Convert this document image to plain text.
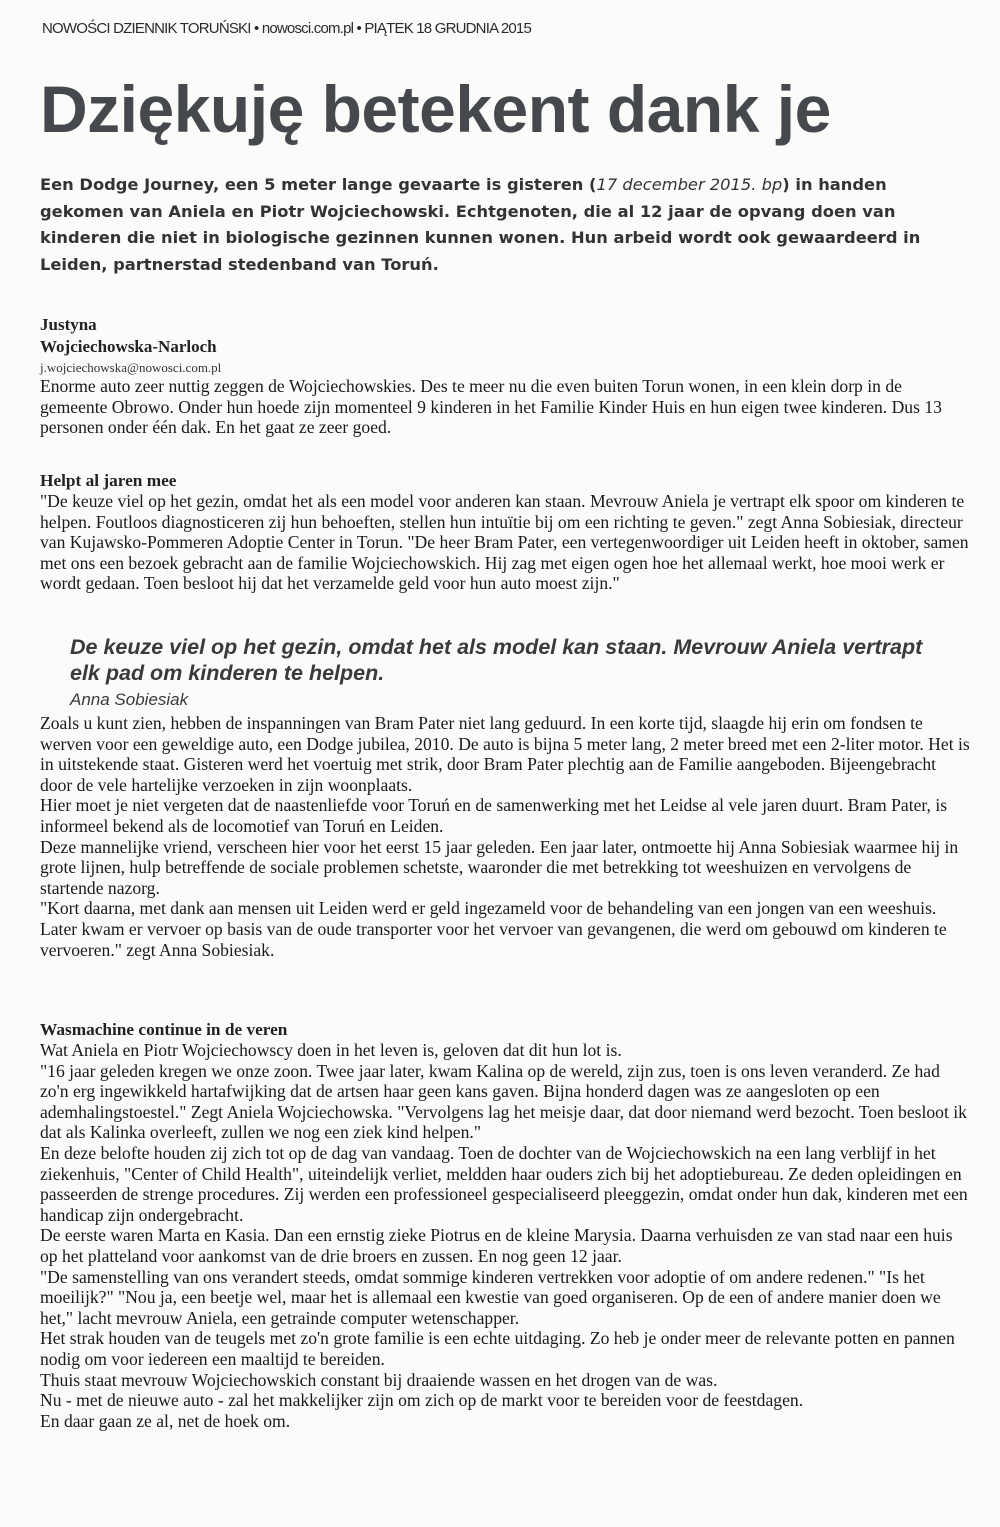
NOWOŚCI DZIENNIK TORUŃSKI • nowosci.com.pl • PIĄTEK 18 GRUDNIA 2015
Dziękuję betekent dank je
Een Dodge Journey, een 5 meter lange gevaarte is gisteren (17 december 2015. bp) in handen gekomen van Aniela en Piotr Wojciechowski. Echtgenoten, die al 12 jaar de opvang doen van kinderen die niet in biologische gezinnen kunnen wonen. Hun arbeid wordt ook gewaardeerd in Leiden, partnerstad stedenband van Toruń.
Justyna
Wojciechowska-Narloch
j.wojciechowska@nowosci.com.pl

Enorme auto zeer nuttig zeggen de Wojciechowskies. Des te meer nu die even buiten Torun wonen, in een klein dorp in de gemeente Obrowo. Onder hun hoede zijn momenteel 9 kinderen in het Familie Kinder Huis en hun eigen twee kinderen. Dus 13 personen onder één dak. En het gaat ze zeer goed.

Helpt al jaren mee

"De keuze viel op het gezin, omdat het als een model voor anderen kan staan. Mevrouw Aniela je vertrapt elk spoor om kinderen te helpen. Foutloos diagnosticeren zij hun behoeften, stellen hun intuïtie bij om een richting te geven." zegt Anna Sobiesiak, directeur van Kujawsko-Pommeren Adoptie Center in Torun. "De heer Bram Pater, een vertegenwoordiger uit Leiden heeft in oktober, samen met ons een bezoek gebracht aan de familie Wojciechowskich. Hij zag met eigen ogen hoe het allemaal werkt, hoe mooi werk er wordt gedaan. Toen besloot hij dat het verzamelde geld voor hun auto moest zijn."

De keuze viel op het gezin, omdat het als model kan staan. Mevrouw Aniela vertrapt elk pad om kinderen te helpen.
Anna Sobiesiak

Zoals u kunt zien, hebben de inspanningen van Bram Pater niet lang geduurd. In een korte tijd, slaagde hij erin om fondsen te werven voor een geweldige auto, een Dodge jubilea, 2010. De auto is bijna 5 meter lang, 2 meter breed met een 2-liter motor. Het is in uitstekende staat. Gisteren werd het voertuig met strik, door Bram Pater plechtig aan de Familie aangeboden. Bijeengebracht door de vele hartelijke verzoeken in zijn woonplaats.

Hier moet je niet vergeten dat de naastenliefde voor Toruń en de samenwerking met het Leidse al vele jaren duurt. Bram Pater, is informeel bekend als de locomotief van Toruń en Leiden.

Deze mannelijke vriend, verscheen hier voor het eerst 15 jaar geleden. Een jaar later, ontmoette hij Anna Sobiesiak waarmee hij in grote lijnen, hulp betreffende de sociale problemen schetste, waaronder die met betrekking tot weeshuizen en vervolgens de startende nazorg.

"Kort daarna, met dank aan mensen uit Leiden werd er geld ingezameld voor de behandeling van een jongen van een weeshuis. Later kwam er vervoer op basis van de oude transporter voor het vervoer van gevangenen, die werd om gebouwd om kinderen te vervoeren." zegt Anna Sobiesiak.

Wasmachine continue in de veren

Wat Aniela en Piotr Wojciechowscy doen in het leven is, geloven dat dit hun lot is.

"16 jaar geleden kregen we onze zoon. Twee jaar later, kwam Kalina op de wereld, zijn zus, toen is ons leven veranderd. Ze had zo'n erg ingewikkeld hartafwijking dat de artsen haar geen kans gaven. Bijna honderd dagen was ze aangesloten op een ademhalingstoestel." Zegt Aniela Wojciechowska. "Vervolgens lag het meisje daar, dat door niemand werd bezocht. Toen besloot ik dat als Kalinka overleeft, zullen we nog een ziek kind helpen."

En deze belofte houden zij zich tot op de dag van vandaag. Toen de dochter van de Wojciechowskich na een lang verblijf in het ziekenhuis, "Center of Child Health", uiteindelijk verliet, meldden haar ouders zich bij het adoptiebureau. Ze deden opleidingen en passeerden de strenge procedures. Zij werden een professioneel gespecialiseerd pleeggezin, omdat onder hun dak, kinderen met een handicap zijn ondergebracht.

De eerste waren Marta en Kasia. Dan een ernstig zieke Piotrus en de kleine Marysia. Daarna verhuisden ze van stad naar een huis op het platteland voor aankomst van de drie broers en zussen. En nog geen 12 jaar.

"De samenstelling van ons verandert steeds, omdat sommige kinderen vertrekken voor adoptie of om andere redenen." "Is het moeilijk?" "Nou ja, een beetje wel, maar het is allemaal een kwestie van goed organiseren. Op de een of andere manier doen we het," lacht mevrouw Aniela, een getrainde computer wetenschapper.

Het strak houden van de teugels met zo'n grote familie is een echte uitdaging. Zo heb je onder meer de relevante potten en pannen nodig om voor iedereen een maaltijd te bereiden.

Thuis staat mevrouw Wojciechowskich constant bij draaiende wassen en het drogen van de was.

Nu - met de nieuwe auto - zal het makkelijker zijn om zich op de markt voor te bereiden voor de feestdagen.

En daar gaan ze al, net de hoek om.
